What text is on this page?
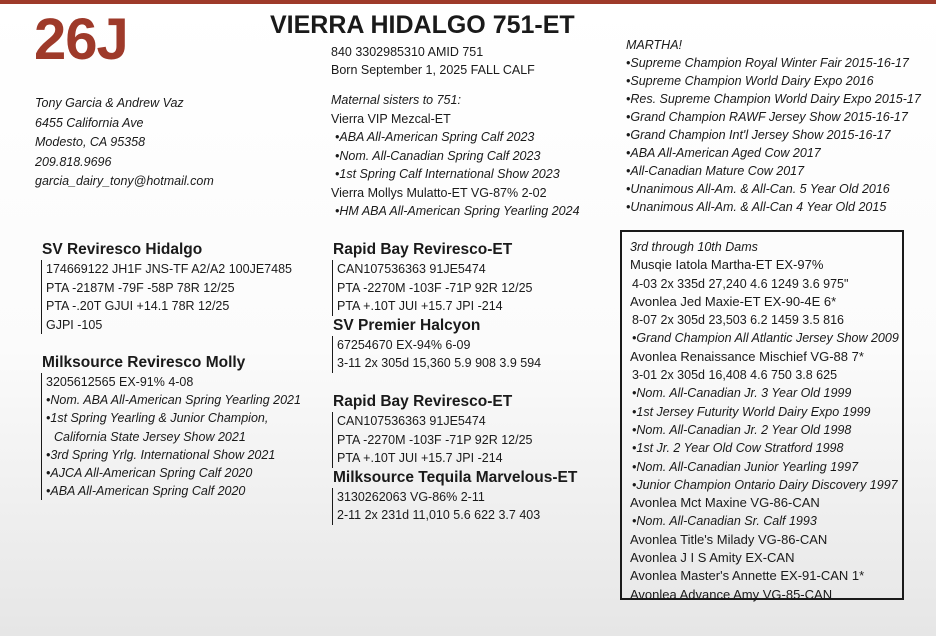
26J	VIERRA HIDALGO 751-ET
840 3302985310 AMID 751
Born September 1, 2025 FALL CALF
Tony Garcia & Andrew Vaz
6455 California Ave
Modesto, CA 95358
209.818.9696
garcia_dairy_tony@hotmail.com
Maternal sisters to 751:
Vierra VIP Mezcal-ET
•ABA All-American Spring Calf 2023
•Nom. All-Canadian Spring Calf 2023
•1st Spring Calf International Show 2023
Vierra Mollys Mulatto-ET VG-87% 2-02
•HM ABA All-American Spring Yearling 2024
MARTHA!
•Supreme Champion Royal Winter Fair 2015-16-17
•Supreme Champion World Dairy Expo 2016
•Res. Supreme Champion World Dairy Expo 2015-17
•Grand Champion RAWF Jersey Show 2015-16-17
•Grand Champion Int'l Jersey Show 2015-16-17
•ABA All-American Aged Cow 2017
•All-Canadian Mature Cow 2017
•Unanimous All-Am. & All-Can. 5 Year Old 2016
•Unanimous All-Am. & All-Can 4 Year Old 2015
SV Reviresco Hidalgo
174669122 JH1F JNS-TF A2/A2 100JE7485
PTA -2187M -79F -58P 78R 12/25
PTA -.20T GJUI +14.1 78R 12/25
GJPI -105
Milksource Reviresco Molly
3205612565 EX-91% 4-08
•Nom. ABA All-American Spring Yearling 2021
•1st Spring Yearling & Junior Champion,
California State Jersey Show 2021
•3rd Spring Yrlg. International Show 2021
•AJCA All-American Spring Calf 2020
•ABA All-American Spring Calf 2020
Rapid Bay Reviresco-ET
CAN107536363 91JE5474
PTA -2270M -103F -71P 92R 12/25
PTA +.10T JUI +15.7 JPI -214
SV Premier Halcyon
67254670 EX-94% 6-09
3-11 2x 305d 15,360 5.9 908 3.9 594
Rapid Bay Reviresco-ET
CAN107536363 91JE5474
PTA -2270M -103F -71P 92R 12/25
PTA +.10T JUI +15.7 JPI -214
Milksource Tequila Marvelous-ET
3130262063 VG-86% 2-11
2-11 2x 231d 11,010 5.6 622 3.7 403
3rd through 10th Dams
Musqie Iatola Martha-ET EX-97%
4-03 2x 335d 27,240 4.6 1249 3.6 975"
Avonlea Jed Maxie-ET EX-90-4E 6*
8-07 2x 305d 23,503 6.2 1459 3.5 816
•Grand Champion All Atlantic Jersey Show 2009
Avonlea Renaissance Mischief VG-88 7*
3-01 2x 305d 16,408 4.6 750 3.8 625
•Nom. All-Canadian Jr. 3 Year Old 1999
•1st Jersey Futurity World Dairy Expo 1999
•Nom. All-Canadian Jr. 2 Year Old 1998
•1st Jr. 2 Year Old Cow Stratford 1998
•Nom. All-Canadian Junior Yearling 1997
•Junior Champion Ontario Dairy Discovery 1997
Avonlea Mct Maxine VG-86-CAN
•Nom. All-Canadian Sr. Calf 1993
Avonlea Title's Milady VG-86-CAN
Avonlea J I S Amity EX-CAN
Avonlea Master's Annette EX-91-CAN 1*
Avonlea Advance Amy VG-85-CAN
